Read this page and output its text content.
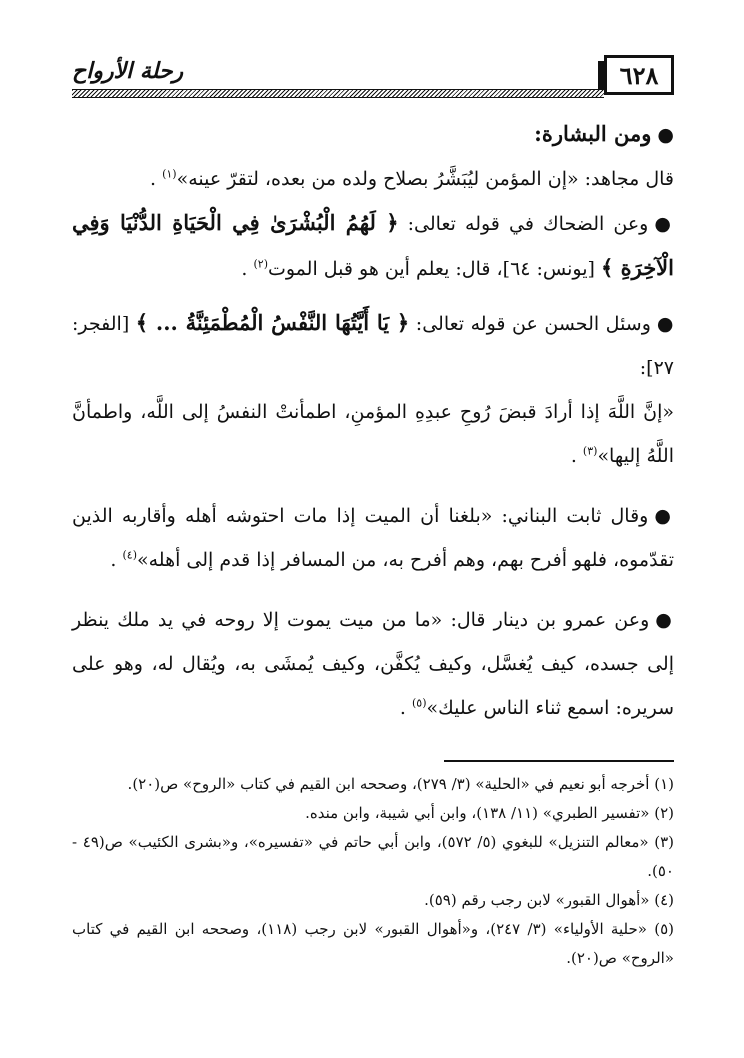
٦٢٨
رحلة الأرواح

●ومن البشارة:

قال مجاهد: «إن المؤمن ليُبَشَّرُ بصلاح ولده من بعده، لتقرّ عينه»$^{(١)}$ .

●وعن الضحاك في قوله تعالى: ﴿ لَهُمُ الْبُشْرَىٰ فِي الْحَيَاةِ الدُّنْيَا وَفِي الْآخِرَةِ ﴾ [يونس: ٦٤]، قال: يعلم أين هو قبل الموت$^{(٢)}$ .

●وسئل الحسن عن قوله تعالى: ﴿ يَا أَيَّتُهَا النَّفْسُ الْمُطْمَئِنَّةُ ... ﴾ [الفجر: ٢٧]:

«إنَّ اللَّهَ إذا أرادَ قبضَ رُوحِ عبدِهِ المؤمنِ، اطمأنتْ النفسُ إلى اللَّه، واطمأنَّ اللَّهُ إليها»$^{(٣)}$ .

●وقال ثابت البناني: «بلغنا أن الميت إذا مات احتوشه أهله وأقاربه الذين تقدّموه، فلهو أفرح بهم، وهم أفرح به، من المسافر إذا قدم إلى أهله»$^{(٤)}$ .

●وعن عمرو بن دينار قال: «ما من ميت يموت إلا روحه في يد ملك ينظر إلى جسده، كيف يُغسَّل، وكيف يُكفَّن، وكيف يُمشَى به، ويُقال له، وهو على سريره: اسمع ثناء الناس عليك»$^{(٥)}$ .

(١) أخرجه أبو نعيم في «الحلية» (٣/ ٢٧٩)، وصححه ابن القيم في كتاب «الروح» ص(٢٠).

(٢) «تفسير الطبري» (١١/ ١٣٨)، وابن أبي شيبة، وابن منده.

(٣) «معالم التنزيل» للبغوي (٥/ ٥٧٢)، وابن أبي حاتم في «تفسيره»، و«بشرى الكئيب» ص(٤٩ - ٥٠).

(٤) «أهوال القبور» لابن رجب رقم (٥٩).

(٥) «حلية الأولياء» (٣/ ٢٤٧)، و«أهوال القبور» لابن رجب (١١٨)، وصححه ابن القيم في كتاب «الروح» ص(٢٠).
